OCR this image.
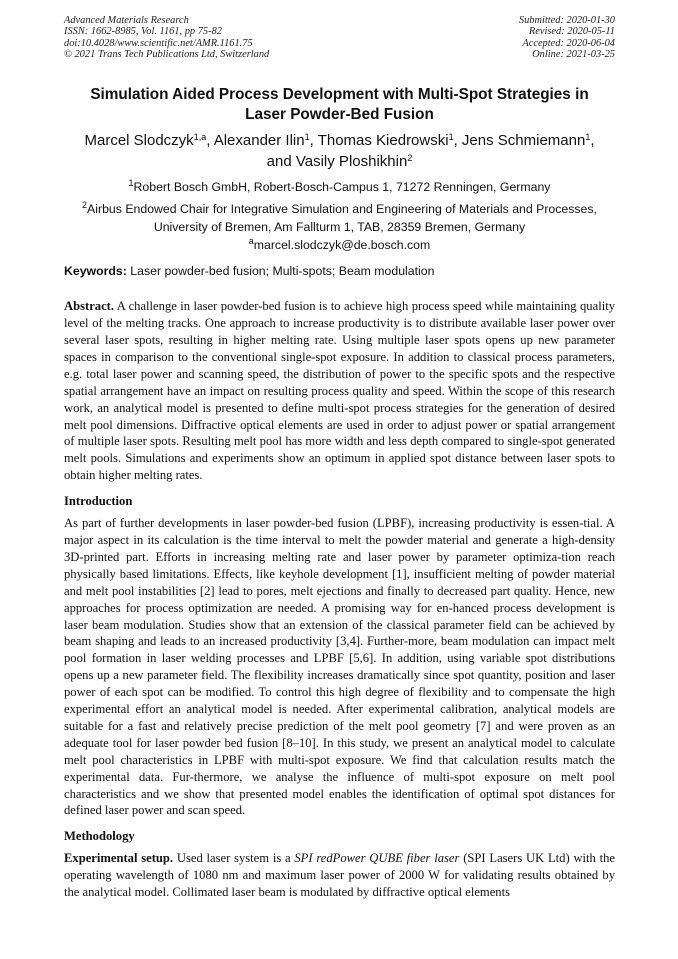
Advanced Materials Research
ISSN: 1662-8985, Vol. 1161, pp 75-82
doi:10.4028/www.scientific.net/AMR.1161.75
© 2021 Trans Tech Publications Ltd, Switzerland
Submitted: 2020-01-30
Revised: 2020-05-11
Accepted: 2020-06-04
Online: 2021-03-25
Simulation Aided Process Development with Multi-Spot Strategies in
Laser Powder-Bed Fusion
Marcel Slodczyk$^{1,a}$, Alexander Ilin$^1$, Thomas Kiedrowski$^1$, Jens Schmiemann$^1$,
and Vasily Ploshikhin$^2$
$^1$Robert Bosch GmbH, Robert-Bosch-Campus 1, 71272 Renningen, Germany
$^2$Airbus Endowed Chair for Integrative Simulation and Engineering of Materials and Processes,
University of Bremen, Am Fallturm 1, TAB, 28359 Bremen, Germany
$^a$marcel.slodczyk@de.bosch.com
Keywords: Laser powder-bed fusion; Multi-spots; Beam modulation
Abstract. A challenge in laser powder-bed fusion is to achieve high process speed while maintaining quality level of the melting tracks. One approach to increase productivity is to distribute available laser power over several laser spots, resulting in higher melting rate. Using multiple laser spots opens up new parameter spaces in comparison to the conventional single-spot exposure. In addition to classical process parameters, e.g. total laser power and scanning speed, the distribution of power to the specific spots and the respective spatial arrangement have an impact on resulting process quality and speed. Within the scope of this research work, an analytical model is presented to define multi-spot process strategies for the generation of desired melt pool dimensions. Diffractive optical elements are used in order to adjust power or spatial arrangement of multiple laser spots. Resulting melt pool has more width and less depth compared to single-spot generated melt pools. Simulations and experiments show an optimum in applied spot distance between laser spots to obtain higher melting rates.
Introduction
As part of further developments in laser powder-bed fusion (LPBF), increasing productivity is essen-tial. A major aspect in its calculation is the time interval to melt the powder material and generate a high-density 3D-printed part. Efforts in increasing melting rate and laser power by parameter optimiza-tion reach physically based limitations. Effects, like keyhole development [1], insufficient melting of powder material and melt pool instabilities [2] lead to pores, melt ejections and finally to decreased part quality. Hence, new approaches for process optimization are needed. A promising way for en-hanced process development is laser beam modulation. Studies show that an extension of the classical parameter field can be achieved by beam shaping and leads to an increased productivity [3,4]. Further-more, beam modulation can impact melt pool formation in laser welding processes and LPBF [5,6]. In addition, using variable spot distributions opens up a new parameter field. The flexibility increases dramatically since spot quantity, position and laser power of each spot can be modified. To control this high degree of flexibility and to compensate the high experimental effort an analytical model is needed. After experimental calibration, analytical models are suitable for a fast and relatively precise prediction of the melt pool geometry [7] and were proven as an adequate tool for laser powder bed fusion [8–10]. In this study, we present an analytical model to calculate melt pool characteristics in LPBF with multi-spot exposure. We find that calculation results match the experimental data. Fur-thermore, we analyse the influence of multi-spot exposure on melt pool characteristics and we show that presented model enables the identification of optimal spot distances for defined laser power and scan speed.
Methodology
Experimental setup. Used laser system is a SPI redPower QUBE fiber laser (SPI Lasers UK Ltd) with the operating wavelength of 1080 nm and maximum laser power of 2000 W for validating results obtained by the analytical model. Collimated laser beam is modulated by diffractive optical elements
